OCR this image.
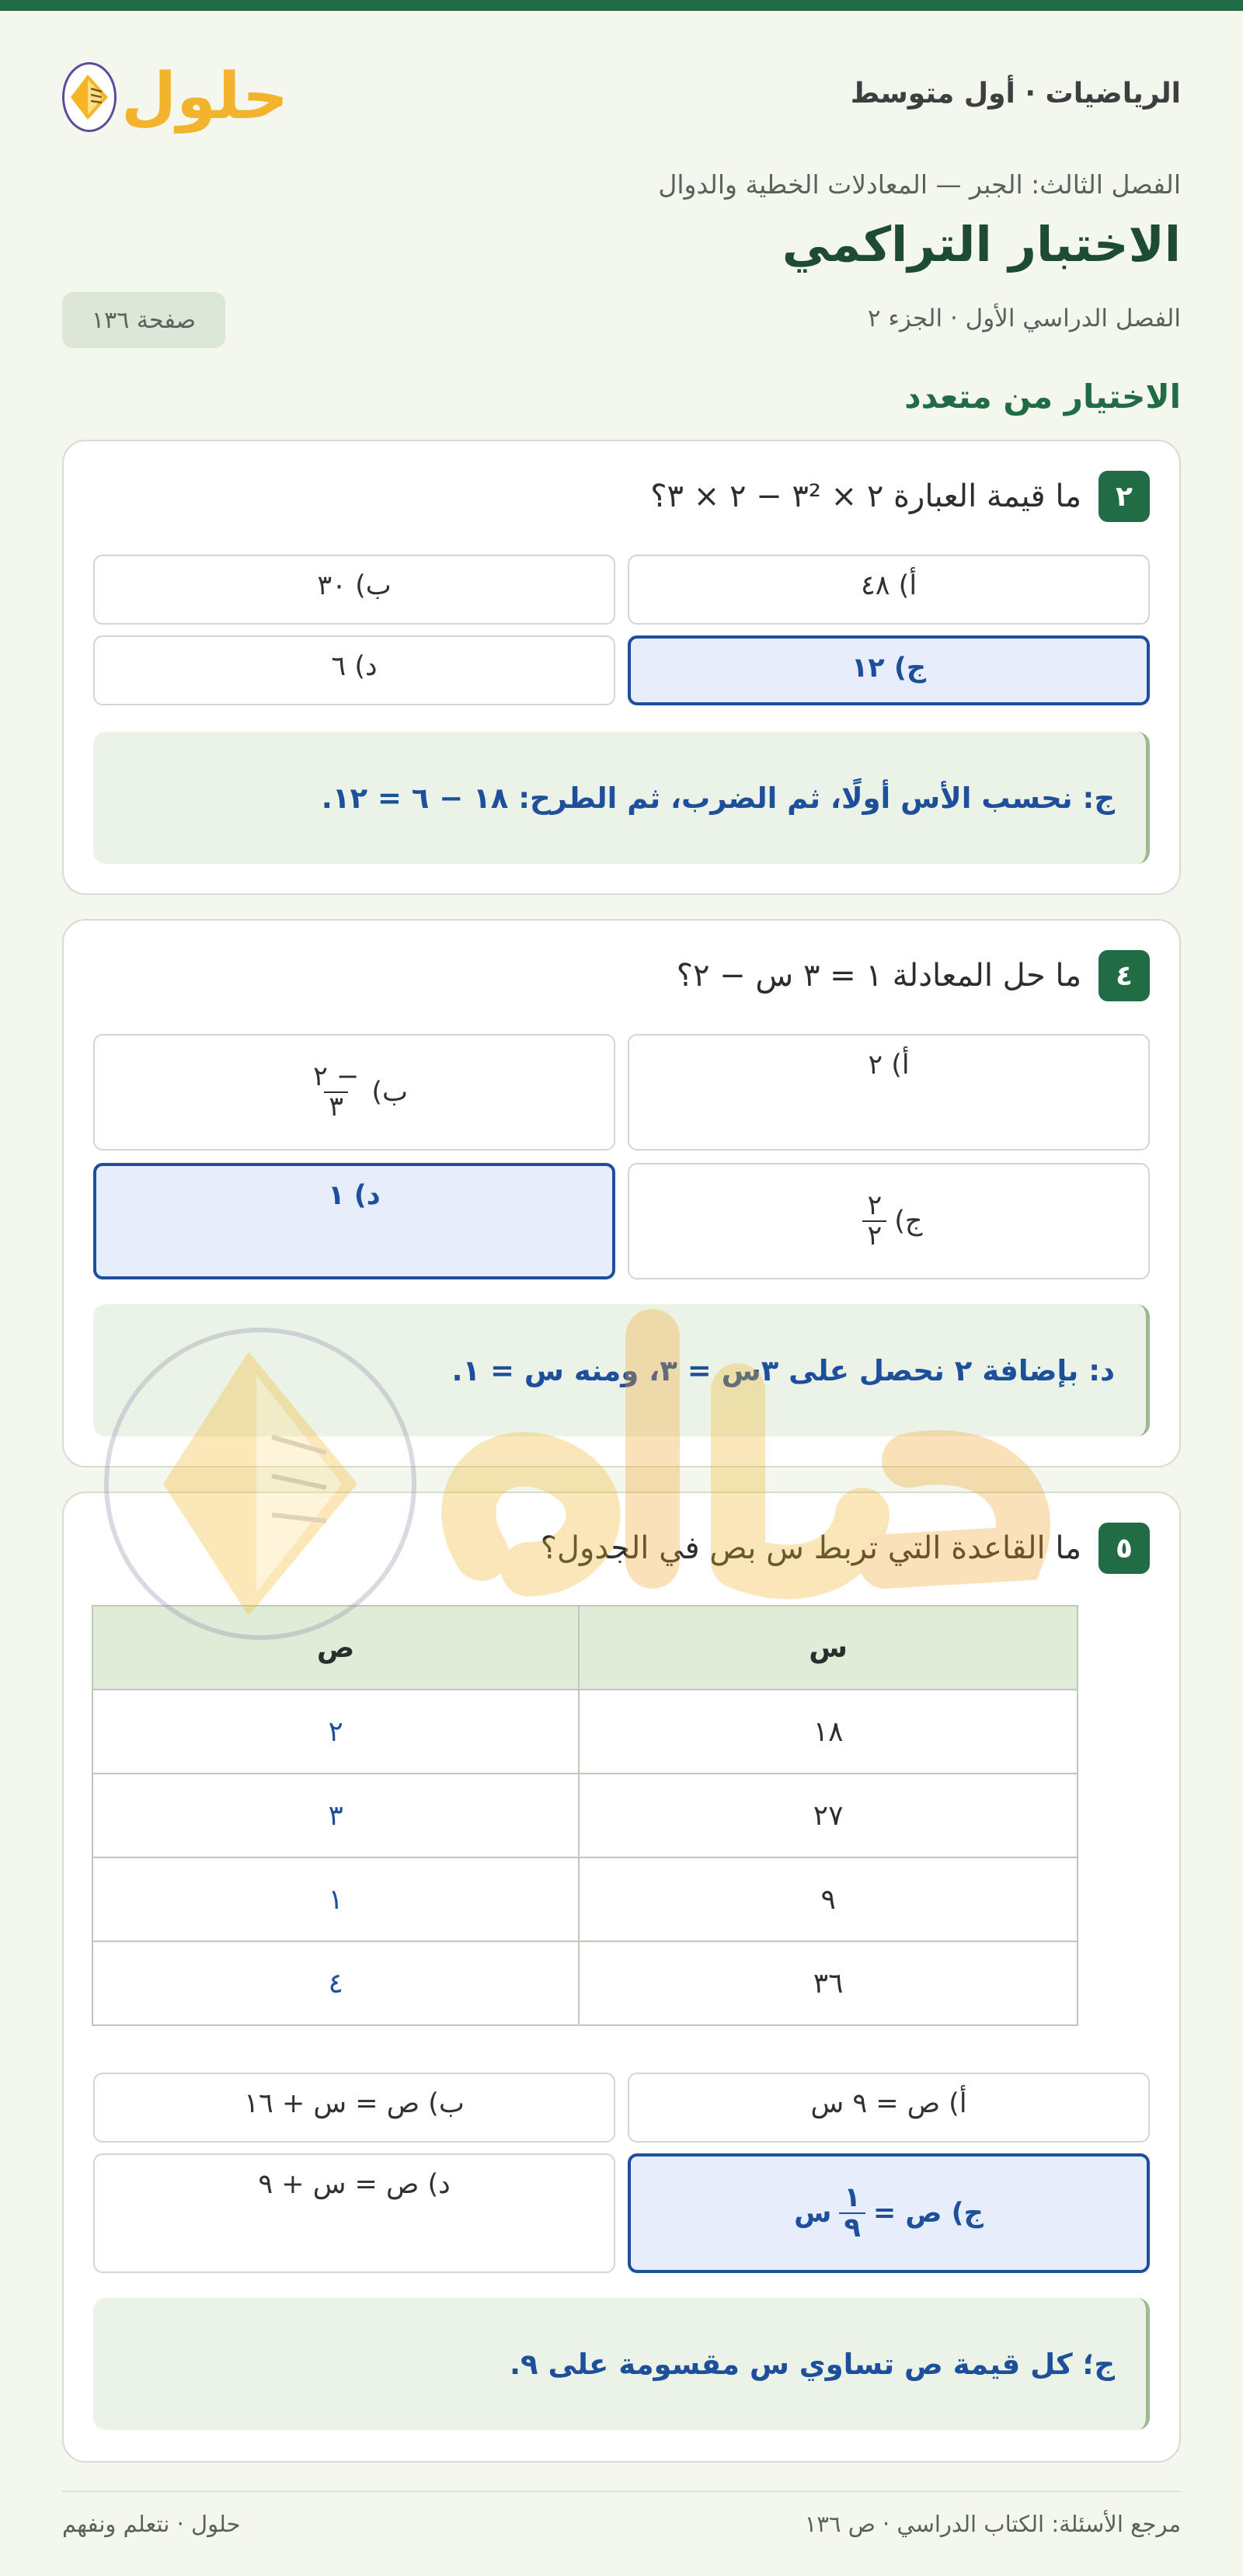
الرياضيات · أول متوسط
حلول
الفصل الثالث: الجبر — المعادلات الخطية والدوال
الاختبار التراكمي
الفصل الدراسي الأول · الجزء ٢
صفحة ١٣٦
الاختيار من متعدد
٢
ما قيمة العبارة ٢ × ٣² − ٢ × ٣؟
أ) ٤٨
ب) ٣٠
ج) ١٢
د) ٦
ج: نحسب الأس أولًا، ثم الضرب، ثم الطرح: ١٨ − ٦ = ١٢.
٤
ما حل المعادلة ١ = ٣ س − ٢؟
أ) ٢
ب)
$\frac{- ٢}{٣}$
ج)
$\frac{٢}{٢}$
د) ١
د: بإضافة ٢ نحصل على ٣س = ٣، ومنه س = ١.
٥
ما القاعدة التي تربط س بص في الجدول؟
س	ص
١٨	٢
٢٧	٣
٩	١
٣٦	٤
أ) ص = ٩ س
ب) ص = س + ١٦
ج) ص =
$\frac{١}{٩}$
س
د) ص = س + ٩
ج؛ كل قيمة ص تساوي س مقسومة على ٩.
مرجع الأسئلة: الكتاب الدراسي · ص ١٣٦
حلول · نتعلم ونفهم
